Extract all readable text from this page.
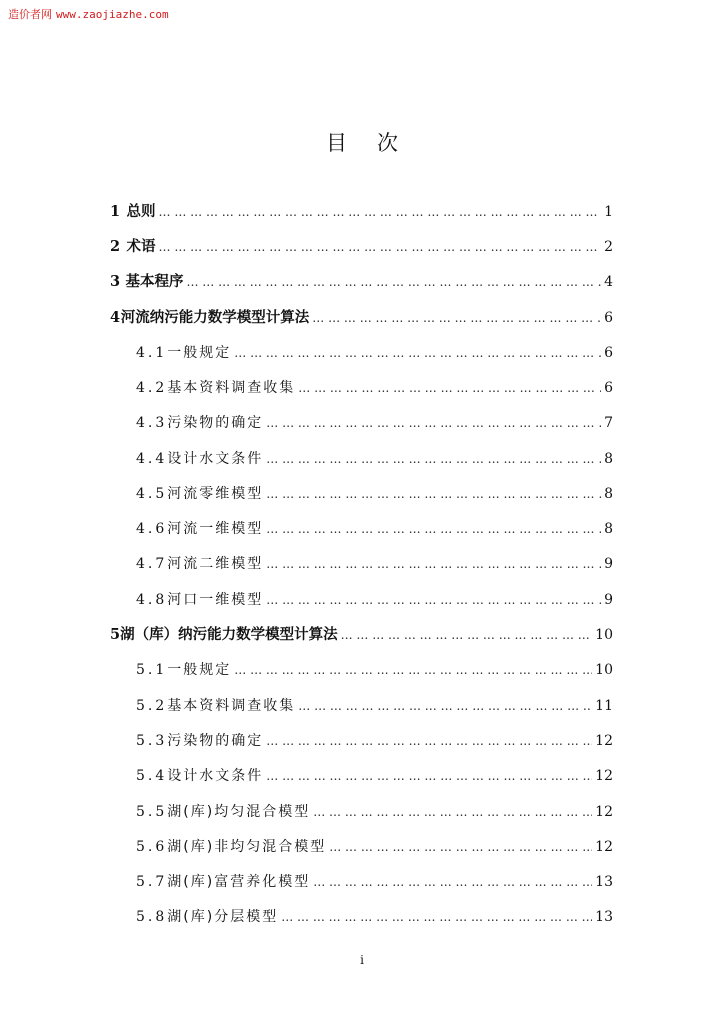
造价者网 www.zaojiazhe.com
目次
1 总则 … … … … … … … … … … … … … … … … … … … … … … … … … … … … … … … … … … … … … … … … … … … … … …	1
2 术语 … … … … … … … … … … … … … … … … … … … … … … … … … … … … … … … … … … … … … … … … … … … … … …	2
3 基本程序 … … … … … … … … … … … … … … … … … … … … … … … … … … … … … … … … … … … … … … … … … … … … … …	4
4 河流纳污能力数学模型计算法 … … … … … … … … … … … … … … … … … … … … … … … … … … … … … … … … … … … … … … … … … … … … … …	6
4.1 一般规定 … … … … … … … … … … … … … … … … … … … … … … … … … … … … … … … … … … … … … … … … … … … … … …	6
4.2 基本资料调查收集 … … … … … … … … … … … … … … … … … … … … … … … … … … … … … … … … … … … … … … … … … … … … … …	6
4.3 污染物的确定 … … … … … … … … … … … … … … … … … … … … … … … … … … … … … … … … … … … … … … … … … … … … … …	7
4.4 设计水文条件 … … … … … … … … … … … … … … … … … … … … … … … … … … … … … … … … … … … … … … … … … … … … … …	8
4.5 河流零维模型 … … … … … … … … … … … … … … … … … … … … … … … … … … … … … … … … … … … … … … … … … … … … … …	8
4.6 河流一维模型 … … … … … … … … … … … … … … … … … … … … … … … … … … … … … … … … … … … … … … … … … … … … … …	8
4.7 河流二维模型 … … … … … … … … … … … … … … … … … … … … … … … … … … … … … … … … … … … … … … … … … … … … … …	9
4.8 河口一维模型 … … … … … … … … … … … … … … … … … … … … … … … … … … … … … … … … … … … … … … … … … … … … … …	9
5 湖（库）纳污能力数学模型计算法 … … … … … … … … … … … … … … … … … … … … … … … … … … … … … … … … … … … … … … … … … … … … … …	10
5.1 一般规定 … … … … … … … … … … … … … … … … … … … … … … … … … … … … … … … … … … … … … … … … … … … … … …	10
5.2 基本资料调查收集 … … … … … … … … … … … … … … … … … … … … … … … … … … … … … … … … … … … … … … … … … … … … … …	11
5.3 污染物的确定 … … … … … … … … … … … … … … … … … … … … … … … … … … … … … … … … … … … … … … … … … … … … … …	12
5.4 设计水文条件 … … … … … … … … … … … … … … … … … … … … … … … … … … … … … … … … … … … … … … … … … … … … … …	12
5.5 湖(库)均匀混合模型 … … … … … … … … … … … … … … … … … … … … … … … … … … … … … … … … … … … … … … … … … … … … … …	12
5.6 湖(库)非均匀混合模型 … … … … … … … … … … … … … … … … … … … … … … … … … … … … … … … … … … … … … … … … … … … … … …	12
5.7 湖(库)富营养化模型 … … … … … … … … … … … … … … … … … … … … … … … … … … … … … … … … … … … … … … … … … … … … … …	13
5.8 湖(库)分层模型 … … … … … … … … … … … … … … … … … … … … … … … … … … … … … … … … … … … … … … … … … … … … … …	13
i
